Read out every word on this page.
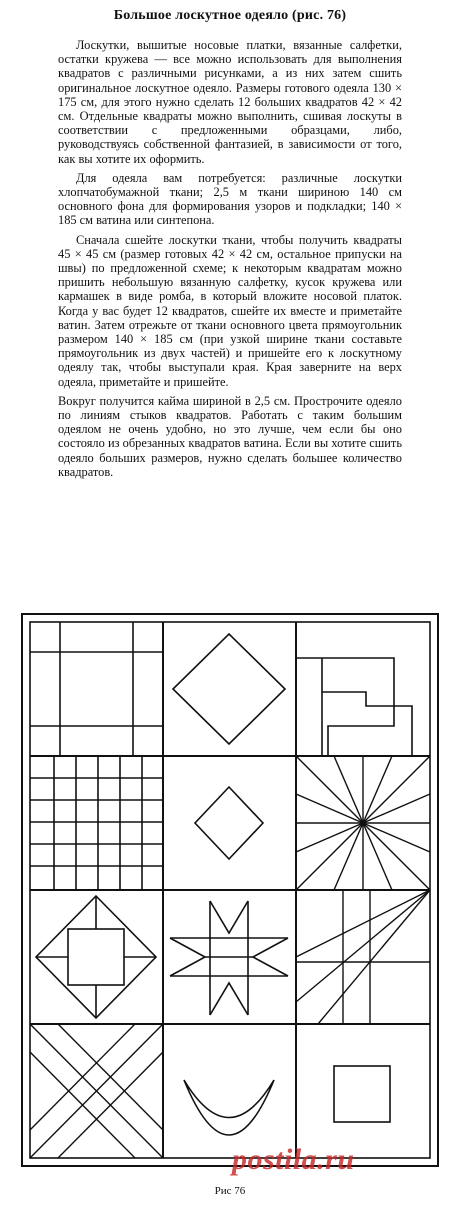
Большое лоскутное одеяло (рис. 76)

Лоскутки, вышитые носовые платки, вязанные салфетки, остатки кружева — все можно использовать для выполнения квадратов с различными рисунками, а из них затем сшить оригинальное лоскутное одеяло. Размеры готового одеяла 130 × 175 см, для этого нужно сделать 12 больших квадратов 42 × 42 см. Отдельные квадраты можно выполнить, сшивая лоскуты в соответствии с предложенными образцами, либо, руководствуясь собственной фантазией, в зависимости от того, как вы хотите их оформить.

Для одеяла вам потребуется: различные лоскутки хлопчатобумажной ткани; 2,5 м ткани шириною 140 см основного фона для формирования узоров и подкладки; 140 × 185 см ватина или синтепона.

Сначала сшейте лоскутки ткани, чтобы получить квадраты 45 × 45 см (размер готовых 42 × 42 см, остальное припуски на швы) по предложенной схеме; к некоторым квадратам можно пришить небольшую вязанную салфетку, кусок кружева или кармашек в виде ромба, в который вложите носовой платок. Когда у вас будет 12 квадратов, сшейте их вместе и приметайте ватин. Затем отрежьте от ткани основного цвета прямоугольник размером 140 × 185 см (при узкой ширине ткани составьте прямоугольник из двух частей) и пришейте его к лоскутному одеялу так, чтобы выступали края. Края заверните на верх одеяла, приметайте и пришейте.

Вокруг получится кайма шириной в 2,5 см. Прострочите одеяло по линиям стыков квадратов. Работать с таким большим одеялом не очень удобно, но это лучше, чем если бы оно состояло из обрезанных квадратов ватина. Если вы хотите сшить одеяло больших размеров, нужно сделать большее количество квадратов.

postila.ru
Рис 76
